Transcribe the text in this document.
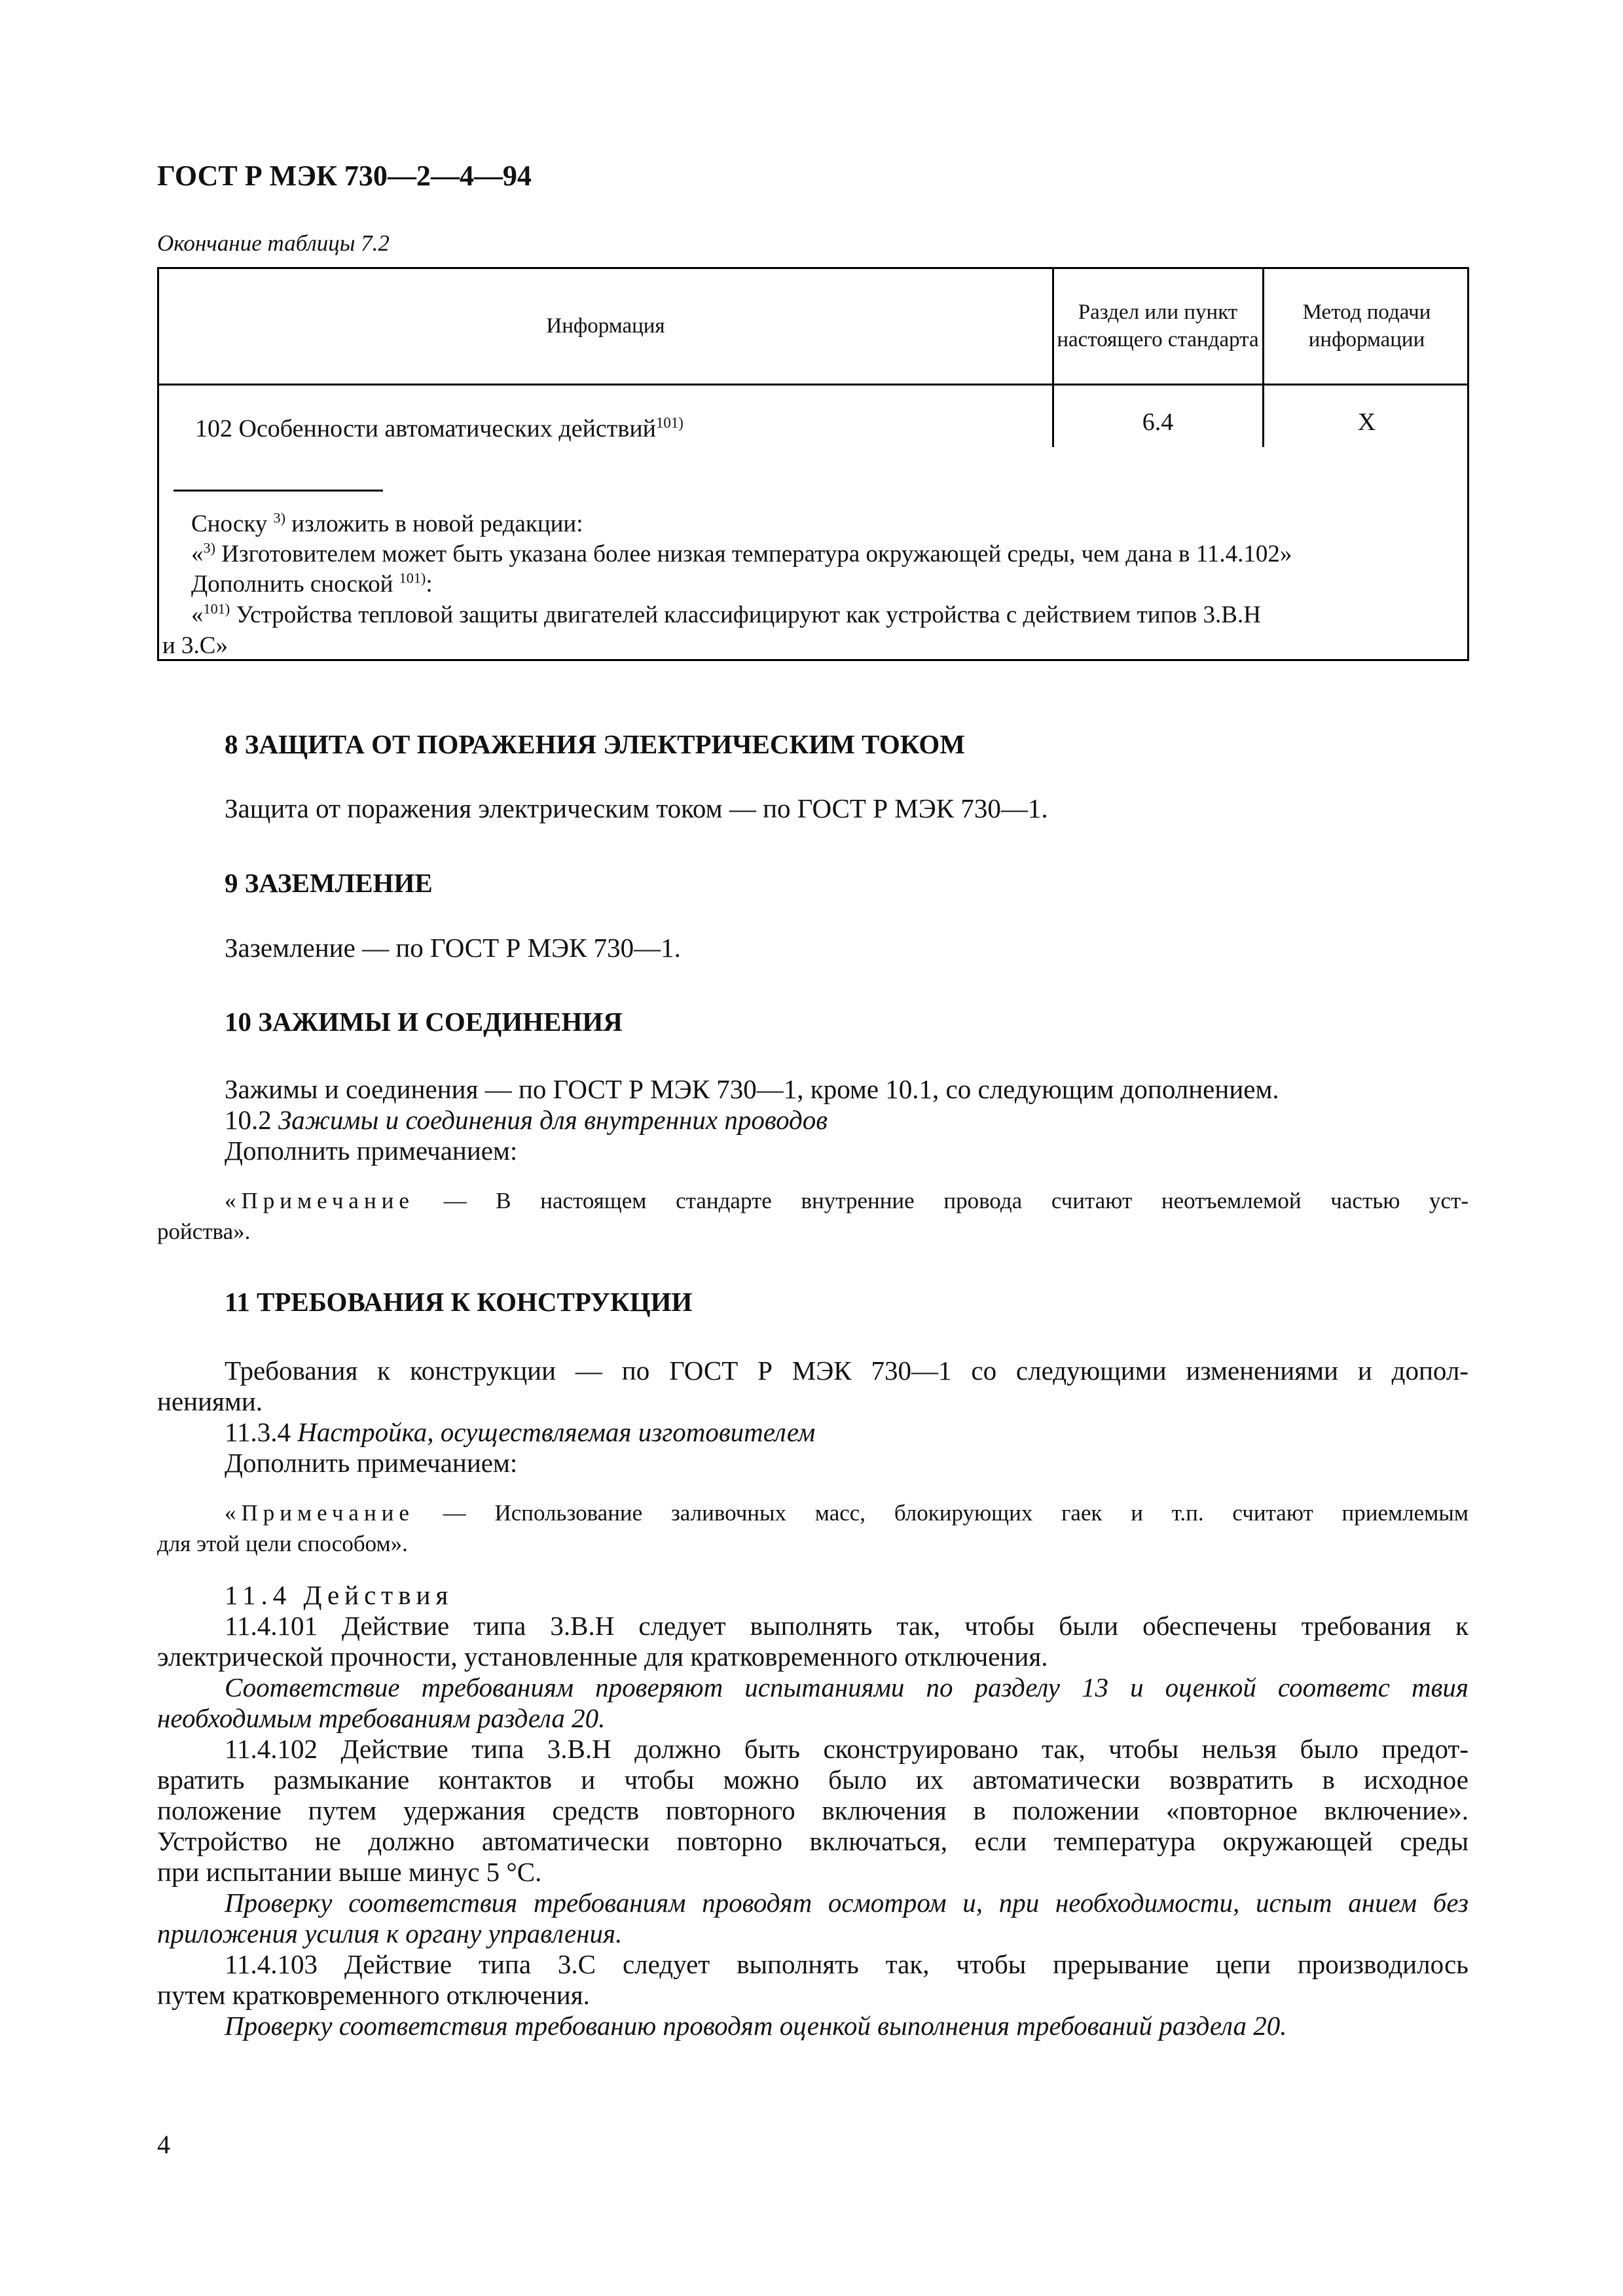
ГОСТ Р МЭК 730—2—4—94
Окончание таблицы 7.2
Информация
Раздел или пункт настоящего стандарта
Метод подачи информации
102 Особенности автоматических действий$^{101)}$	6.4	X
Сноску $^{3)}$ изложить в новой редакции:
«$^{3)}$ Изготовителем может быть указана более низкая температура окружающей среды, чем дана в 11.4.102»
Дополнить сноской $^{101)}$:
«$^{101)}$ Устройства тепловой защиты двигателей классифицируют как устройства с действием типов 3.В.Н
и 3.С»
8 ЗАЩИТА ОТ ПОРАЖЕНИЯ ЭЛЕКТРИЧЕСКИМ ТОКОМ
Защита от поражения электрическим током — по ГОСТ Р МЭК 730—1.
9 ЗАЗЕМЛЕНИЕ
Заземление — по ГОСТ Р МЭК 730—1.
10 ЗАЖИМЫ И СОЕДИНЕНИЯ
Зажимы и соединения — по ГОСТ Р МЭК 730—1, кроме 10.1, со следующим дополнением.
10.2 Зажимы и соединения для внутренних проводов
Дополнить примечанием:
«Примечание — В настоящем стандарте внутренние провода считают неотъемлемой частью уст-
ройства».
11 ТРЕБОВАНИЯ К КОНСТРУКЦИИ
Требования к конструкции — по ГОСТ Р МЭК 730—1 со следующими изменениями и допол-
нениями.
11.3.4 Настройка, осуществляемая изготовителем
Дополнить примечанием:
«Примечание — Использование заливочных масс, блокирующих гаек и т.п. считают приемлемым
для этой цели способом».
11.4 Действия
11.4.101 Действие типа 3.В.Н следует выполнять так, чтобы были обеспечены требования к
электрической прочности, установленные для кратковременного отключения.
Соответствие требованиям проверяют испытаниями по разделу 13 и оценкой соответс твия
необходимым требованиям раздела 20.
11.4.102 Действие типа 3.В.Н должно быть сконструировано так, чтобы нельзя было предот-
вратить размыкание контактов и чтобы можно было их автоматически возвратить в исходное
положение путем удержания средств повторного включения в положении «повторное включение».
Устройство не должно автоматически повторно включаться, если температура окружающей среды
при испытании выше минус 5 °С.
Проверку соответствия требованиям проводят осмотром и, при необходимости, испыт анием без
приложения усилия к органу управления.
11.4.103 Действие типа 3.С следует выполнять так, чтобы прерывание цепи производилось
путем кратковременного отключения.
Проверку соответствия требованию проводят оценкой выполнения требований раздела 20.
4
